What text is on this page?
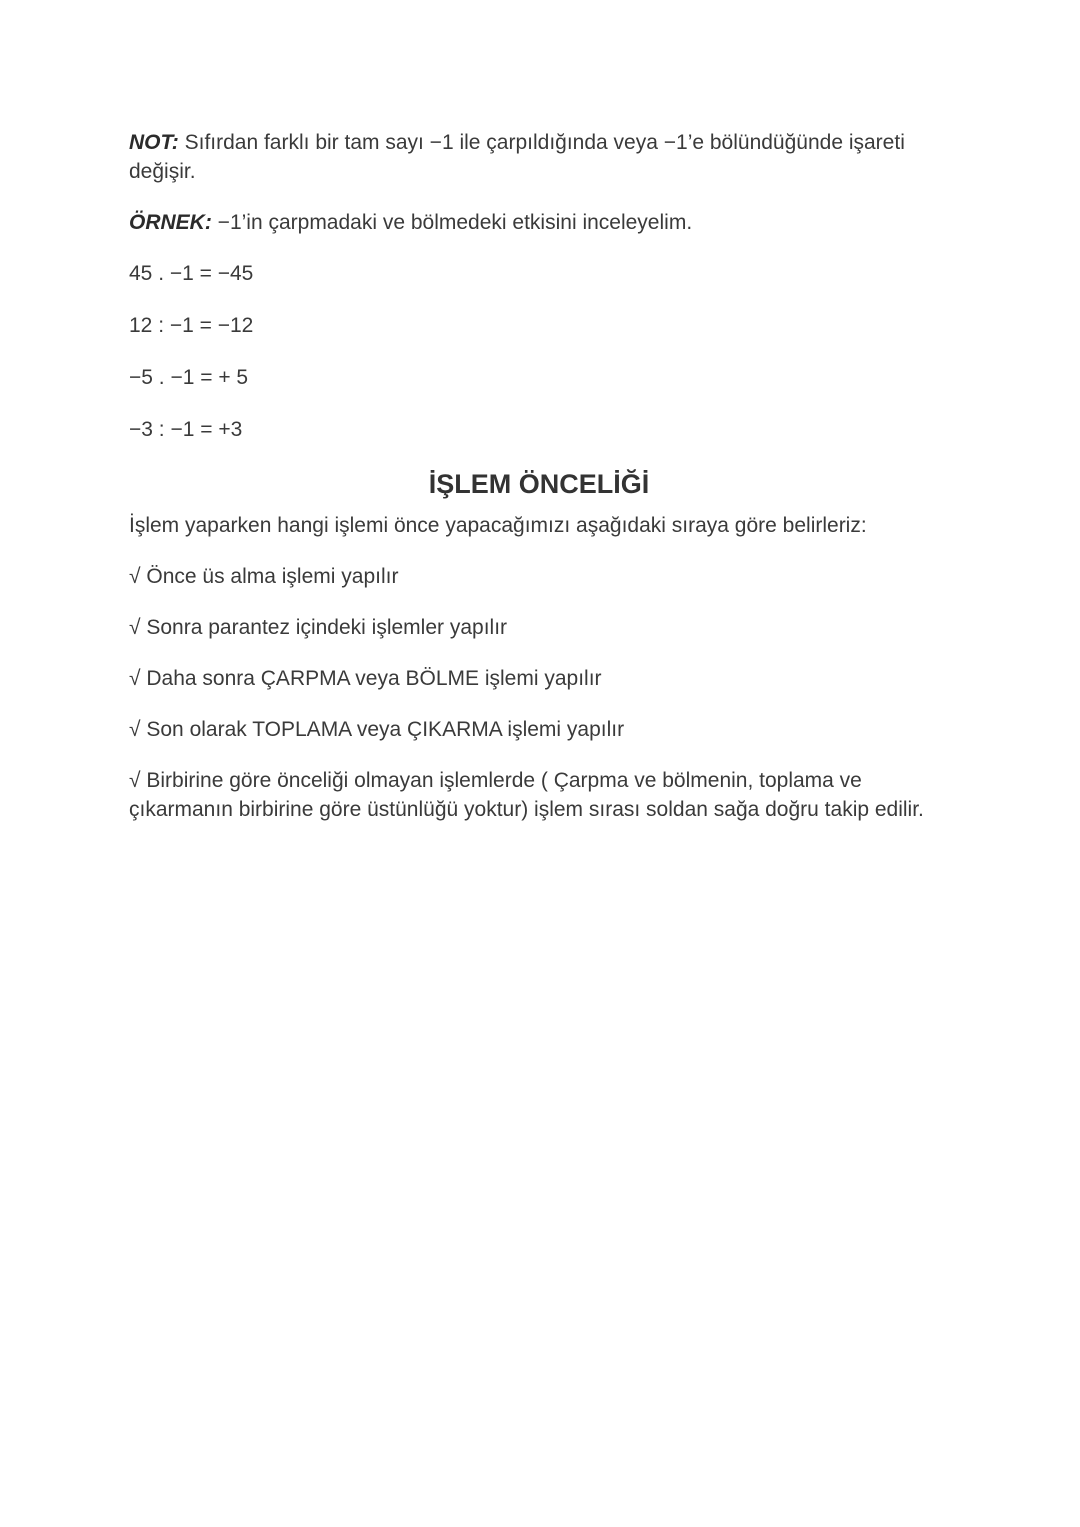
NOT: Sıfırdan farklı bir tam sayı −1 ile çarpıldığında veya −1’e bölündüğünde işareti değişir.

ÖRNEK: −1’in çarpmadaki ve bölmedeki etkisini inceleyelim.

45 . −1 = −45

12 : −1 = −12

−5 . −1 = + 5

−3 : −1 = +3

İŞLEM ÖNCELİĞİ

İşlem yaparken hangi işlemi önce yapacağımızı aşağıdaki sıraya göre belirleriz:

√ Önce üs alma işlemi yapılır

√ Sonra parantez içindeki işlemler yapılır

√ Daha sonra ÇARPMA veya BÖLME işlemi yapılır

√ Son olarak TOPLAMA veya ÇIKARMA işlemi yapılır

√ Birbirine göre önceliği olmayan işlemlerde ( Çarpma ve bölmenin, toplama ve çıkarmanın birbirine göre üstünlüğü yoktur) işlem sırası soldan sağa doğru takip edilir.
